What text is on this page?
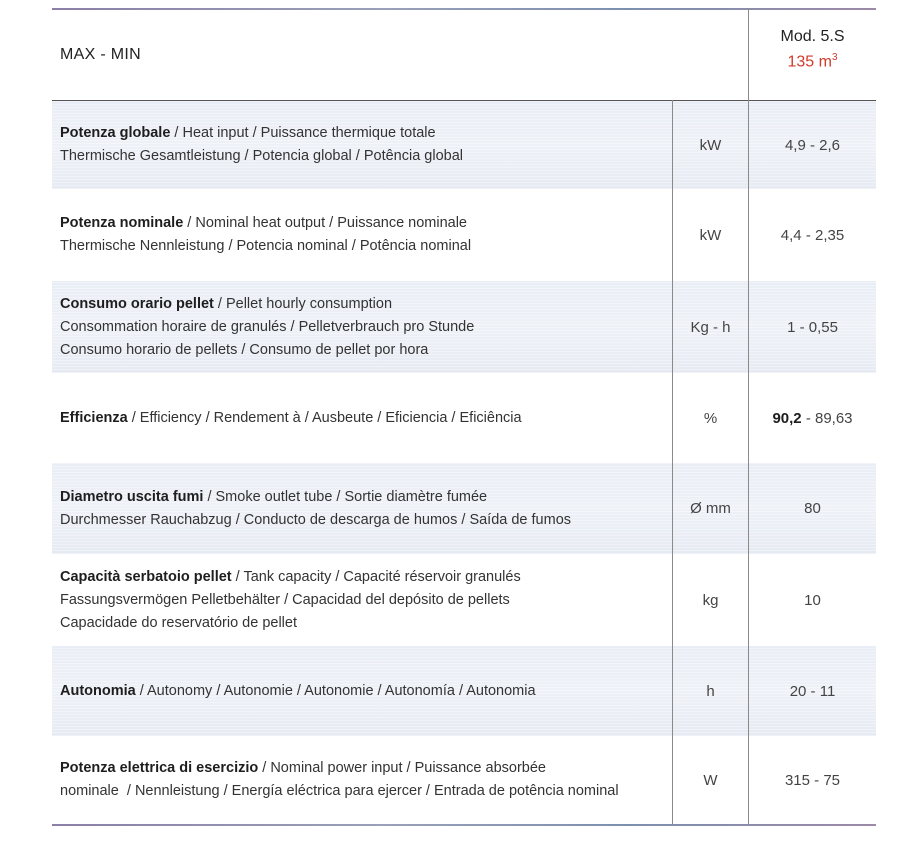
MAX - MIN
Mod. 5.S
135 $m^3$
Potenza globale / Heat input / Puissance thermique totale
Thermische Gesamtleistung / Potencia global / Potência global
kW	4,9 - 2,6
Potenza nominale / Nominal heat output / Puissance nominale
Thermische Nennleistung / Potencia nominal / Potência nominal
kW	4,4 - 2,35
Consumo orario pellet / Pellet hourly consumption
Consommation horaire de granulés / Pelletverbrauch pro Stunde
Consumo horario de pellets / Consumo de pellet por hora
Kg - h	1 - 0,55
Efficienza / Efficiency / Rendement à / Ausbeute / Eficiencia / Eficiência	%	90,2 - 89,63
Diametro uscita fumi / Smoke outlet tube / Sortie diamètre fumée
Durchmesser Rauchabzug / Conducto de descarga de humos / Saída de fumos
Ø mm	80
Capacità serbatoio pellet / Tank capacity / Capacité réservoir granulés
Fassungsvermögen Pelletbehälter / Capacidad del depósito de pellets
Capacidade do reservatório de pellet
kg	10
Autonomia / Autonomy / Autonomie / Autonomie / Autonomía / Autonomia	h	20 - 11
Potenza elettrica di esercizio / Nominal power input / Puissance absorbée
nominale  / Nennleistung / Energía eléctrica para ejercer / Entrada de potência nominal
W	315 - 75
